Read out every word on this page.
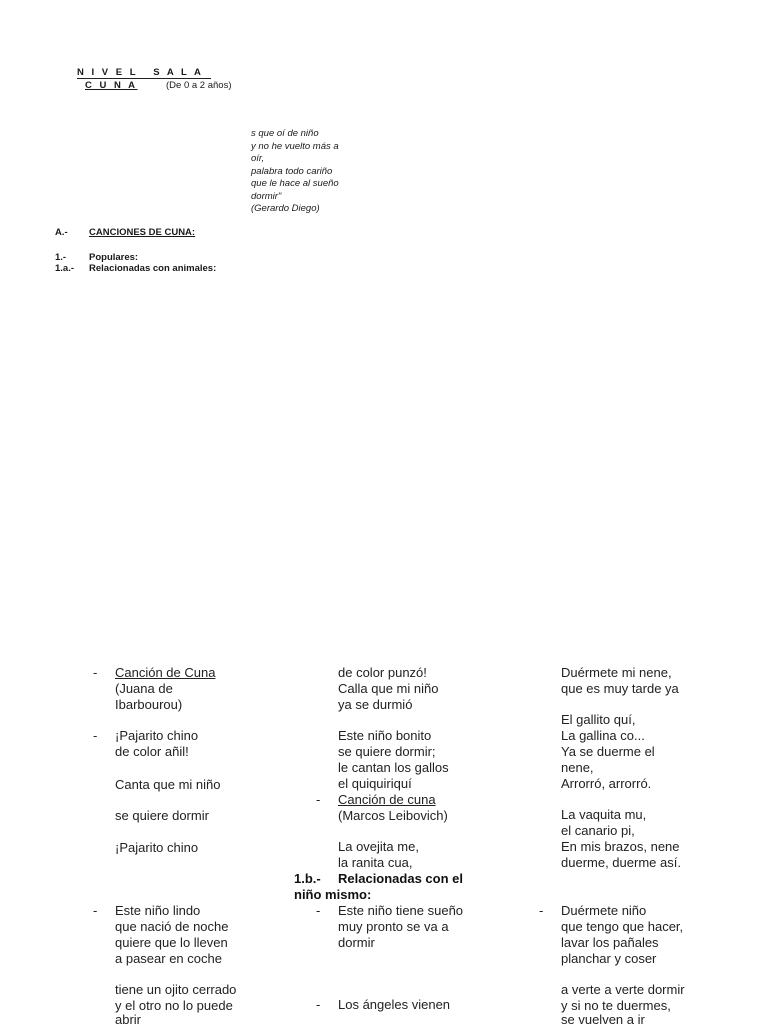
N I V E L   S A L A
C U N A	(De 0 a 2 años)
s que oí de niño
y no he vuelto más a
oír,
palabra todo cariño
que le hace al sueño
dormir"
(Gerardo Diego)
A.- CANCIONES DE CUNA:
1.- Populares:
1.a.- Relacionadas con animales:
- Canción de Cuna
(Juana de
Ibarbourou)
- ¡Pajarito chino
de color añil!
Canta que mi niño
se quiere dormir
¡Pajarito chino
de color punzó!
Calla que mi niño
ya se durmió
Este niño bonito
se quiere dormir;
le cantan los gallos
el quiquiriquí
- Canción de cuna
(Marcos Leibovich)
La ovejita me,
la ranita cua,
Duérmete mi nene,
que es muy tarde ya
El gallito quí,
La gallina co...
Ya se duerme el
nene,
Arrorró, arrorró.
La vaquita mu,
el canario pi,
En mis brazos, nene
duerme, duerme así.
1.b.- Relacionadas con el
niño mismo:
- Este niño lindo
que nació de noche
quiere que lo lleven
a pasear en coche
tiene un ojito cerrado
y el otro no lo puede
abrir
- Este niño tiene sueño
muy pronto se va a
dormir
- Los ángeles vienen
- Duérmete niño
que tengo que hacer,
lavar los pañales
planchar y coser
a verte a verte dormir
y si no te duermes,
se vuelven a ir
